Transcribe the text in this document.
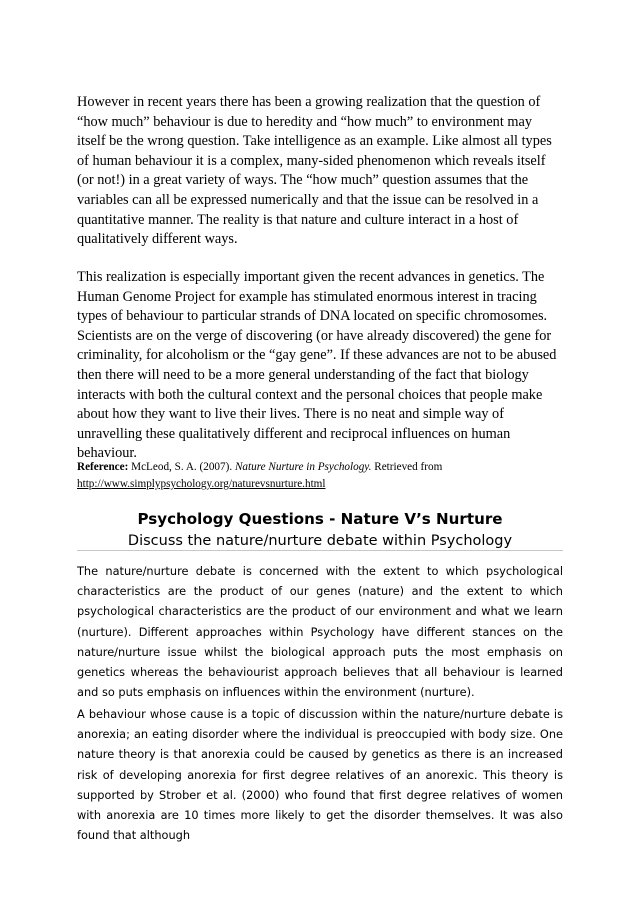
However in recent years there has been a growing realization that the question of “how much” behaviour is due to heredity and “how much” to environment may itself be the wrong question. Take intelligence as an example. Like almost all types of human behaviour it is a complex, many-sided phenomenon which reveals itself (or not!) in a great variety of ways. The “how much” question assumes that the variables can all be expressed numerically and that the issue can be resolved in a quantitative manner. The reality is that nature and culture interact in a host of qualitatively different ways.

This realization is especially important given the recent advances in genetics. The Human Genome Project for example has stimulated enormous interest in tracing types of behaviour to particular strands of DNA located on specific chromosomes. Scientists are on the verge of discovering (or have already discovered) the gene for criminality, for alcoholism or the “gay gene”. If these advances are not to be abused then there will need to be a more general understanding of the fact that biology interacts with both the cultural context and the personal choices that people make about how they want to live their lives. There is no neat and simple way of unravelling these qualitatively different and reciprocal influences on human behaviour.

Reference: McLeod, S. A. (2007). Nature Nurture in Psychology. Retrieved from
http://www.simplypsychology.org/naturevsnurture.html
Psychology Questions - Nature V’s Nurture
Discuss the nature/nurture debate within Psychology

The nature/nurture debate is concerned with the extent to which psychological characteristics are the product of our genes (nature) and the extent to which psychological characteristics are the product of our environment and what we learn (nurture). Different approaches within Psychology have different stances on the nature/nurture issue whilst the biological approach puts the most emphasis on genetics whereas the behaviourist approach believes that all behaviour is learned and so puts emphasis on influences within the environment (nurture).

A behaviour whose cause is a topic of discussion within the nature/nurture debate is anorexia; an eating disorder where the individual is preoccupied with body size. One nature theory is that anorexia could be caused by genetics as there is an increased risk of developing anorexia for first degree relatives of an anorexic. This theory is supported by Strober et al. (2000) who found that first degree relatives of women with anorexia are 10 times more likely to get the disorder themselves. It was also found that although
